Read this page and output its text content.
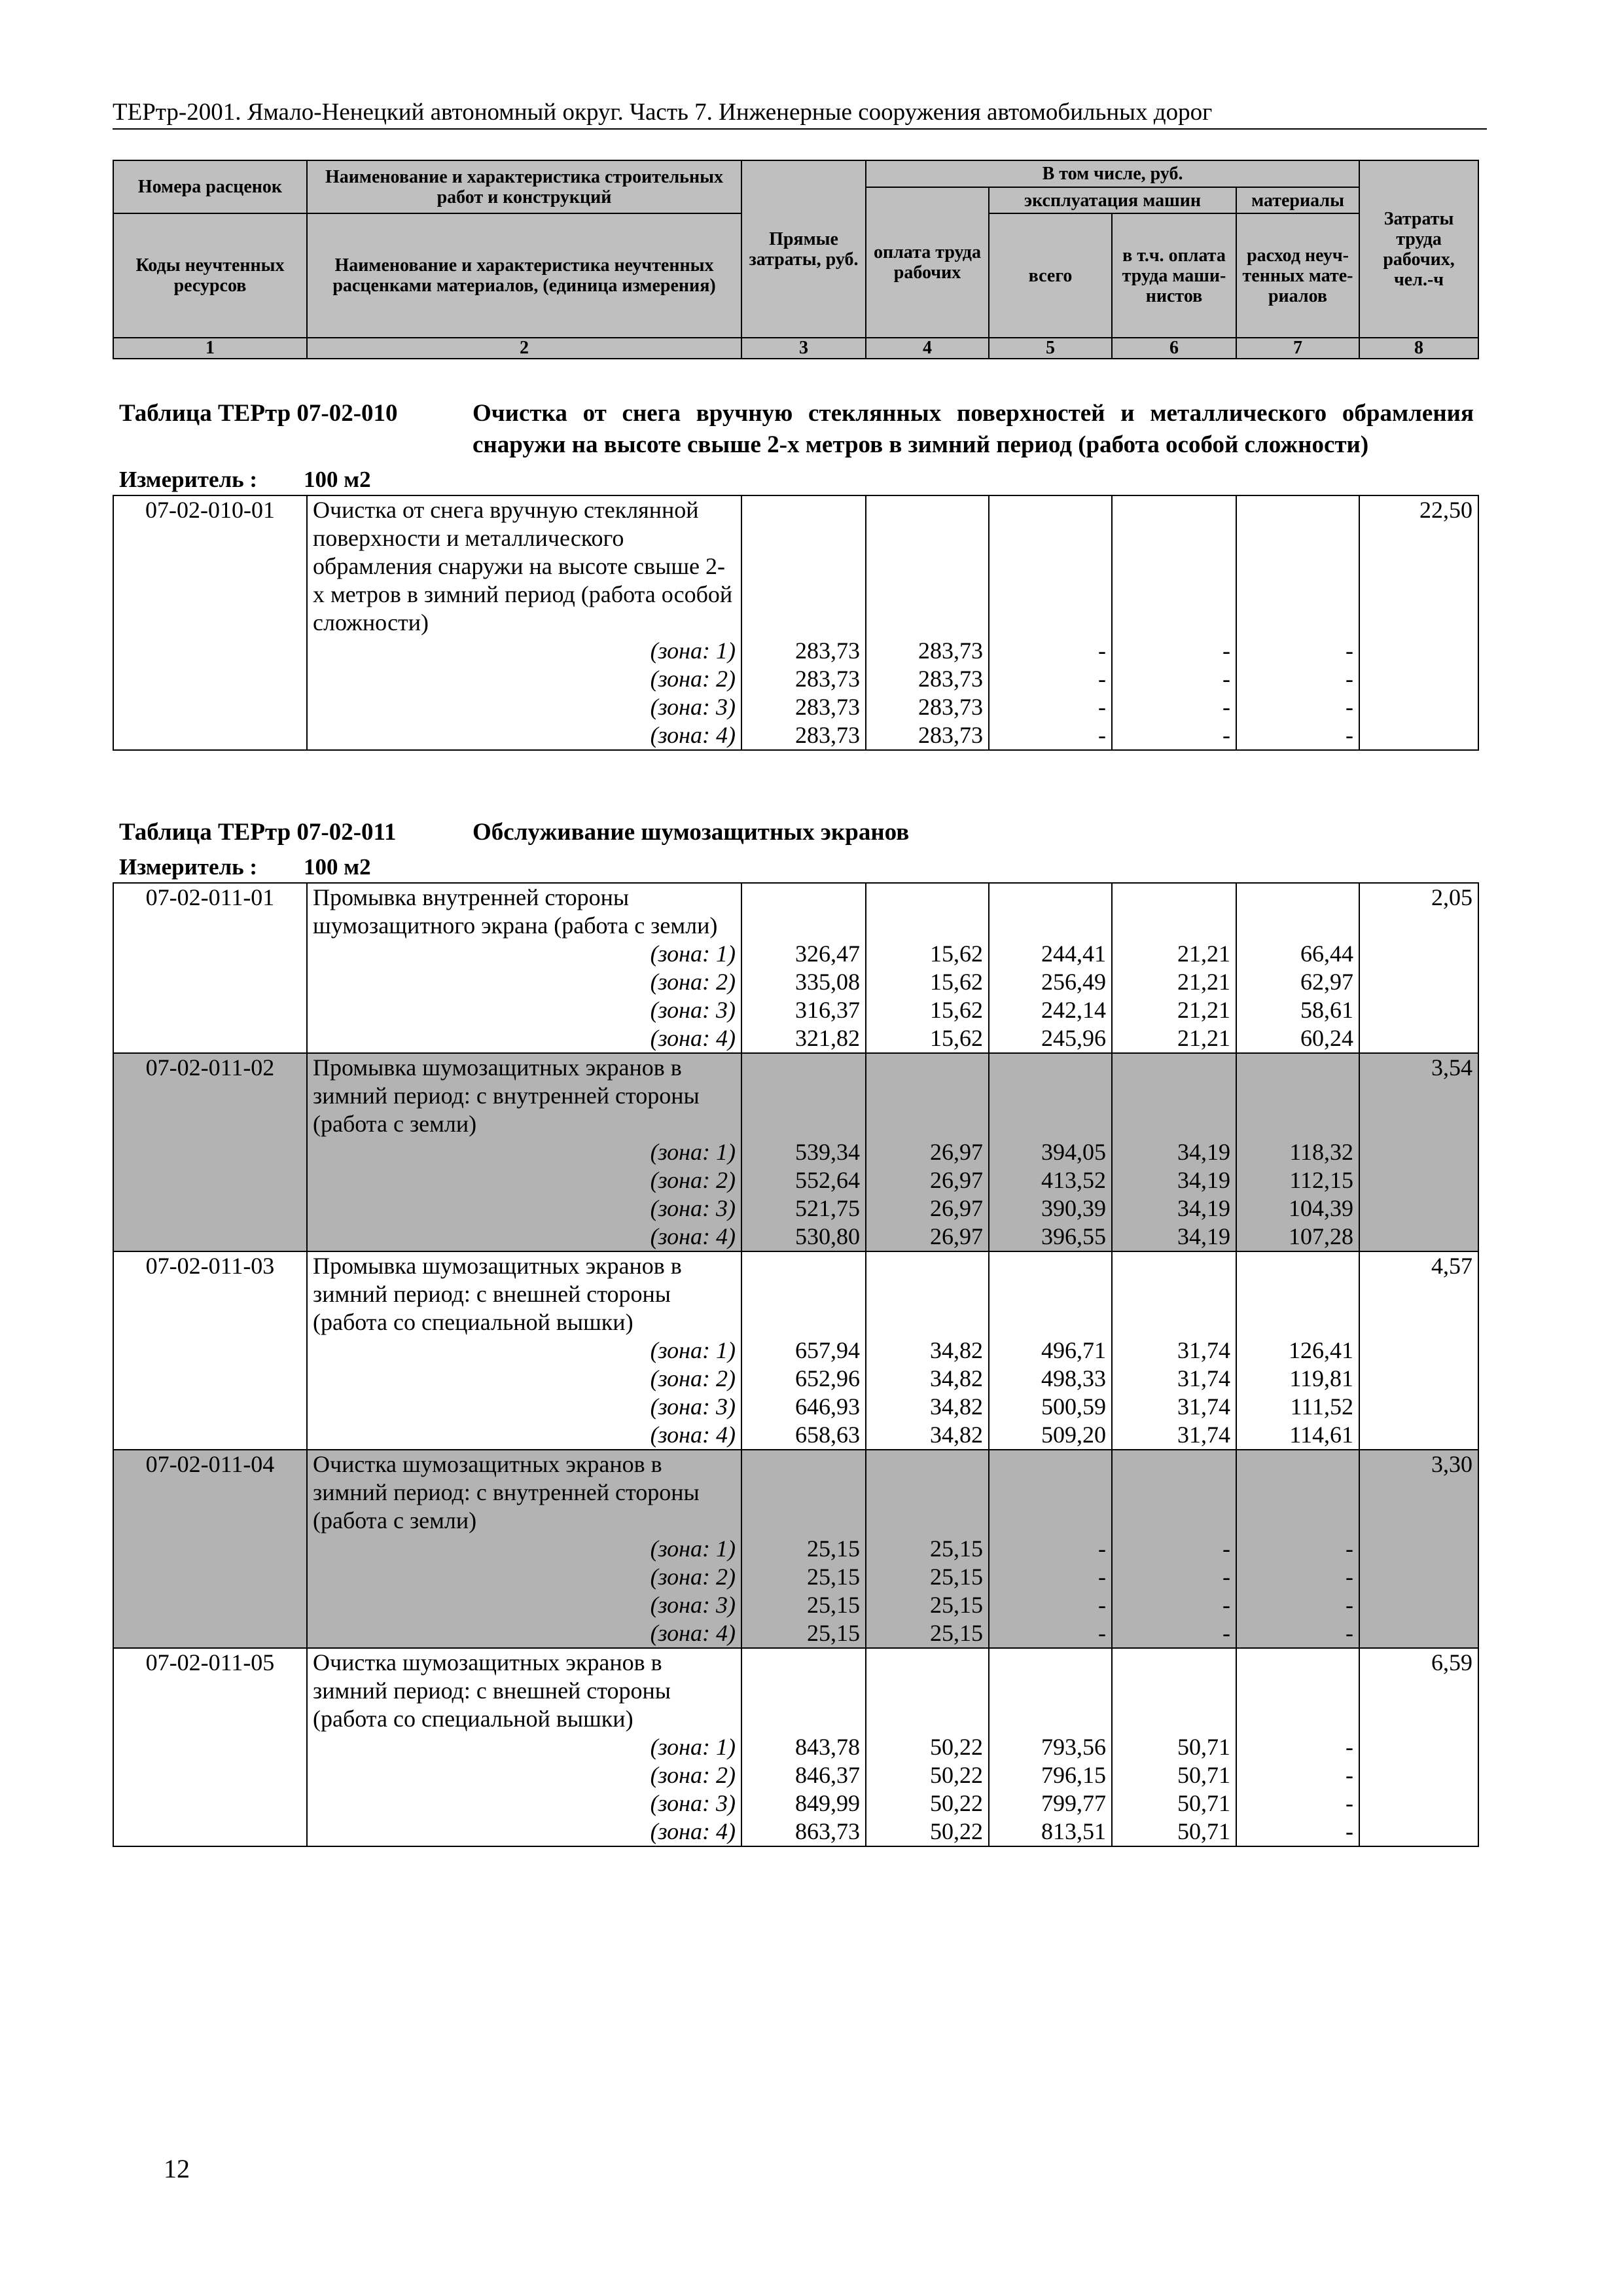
ТЕРтр-2001. Ямало-Ненецкий автономный округ. Часть 7. Инженерные сооружения автомобильных дорог
Номера расценок	Наименование и характеристика строительных работ и конструкций	Прямые затраты, руб.	В том числе, руб.				Затраты труда рабочих, чел.-ч
			оплата труда рабочих	эксплуатация машин		материалы	
Коды неучтенных ресурсов	Наименование и характеристика неучтенных расценками материалов, (единица измерения)			всего	в т.ч. оплата труда маши-нистов	расход неуч-тенных мате-риалов	

1	2	3	4	5	6	7	8
Таблица ТЕРтр 07-02-010	Очистка от снега вручную стеклянных поверхностей и металлического обрамления снаружи на высоте свыше 2-х метров в зимний период (работа особой сложности)
Измеритель : 100 м2
07-02-010-01	Очистка от снега вручную стеклянной поверхности и металлического обрамления снаружи на высоте свыше 2-х метров в зимний период (работа особой сложности)						22,50
	(зона: 1)	283,73	283,73	-	-	-	
	(зона: 2)	283,73	283,73	-	-	-	
	(зона: 3)	283,73	283,73	-	-	-	
	(зона: 4)	283,73	283,73	-	-	-	
Таблица ТЕРтр 07-02-011	Обслуживание шумозащитных экранов
Измеритель : 100 м2
07-02-011-01	Промывка внутренней стороны шумозащитного экрана (работа с земли)						2,05
	(зона: 1)	326,47	15,62	244,41	21,21	66,44	
	(зона: 2)	335,08	15,62	256,49	21,21	62,97	
	(зона: 3)	316,37	15,62	242,14	21,21	58,61	
	(зона: 4)	321,82	15,62	245,96	21,21	60,24	
07-02-011-02	Промывка шумозащитных экранов в зимний период: с внутренней стороны (работа с земли)						3,54
	(зона: 1)	539,34	26,97	394,05	34,19	118,32	
	(зона: 2)	552,64	26,97	413,52	34,19	112,15	
	(зона: 3)	521,75	26,97	390,39	34,19	104,39	
	(зона: 4)	530,80	26,97	396,55	34,19	107,28	
07-02-011-03	Промывка шумозащитных экранов в зимний период: с внешней стороны (работа со специальной вышки)						4,57
	(зона: 1)	657,94	34,82	496,71	31,74	126,41	
	(зона: 2)	652,96	34,82	498,33	31,74	119,81	
	(зона: 3)	646,93	34,82	500,59	31,74	111,52	
	(зона: 4)	658,63	34,82	509,20	31,74	114,61	
07-02-011-04	Очистка шумозащитных экранов в зимний период: с внутренней стороны (работа с земли)						3,30
	(зона: 1)	25,15	25,15	-	-	-	
	(зона: 2)	25,15	25,15	-	-	-	
	(зона: 3)	25,15	25,15	-	-	-	
	(зона: 4)	25,15	25,15	-	-	-	
07-02-011-05	Очистка шумозащитных экранов в зимний период: с внешней стороны (работа со специальной вышки)						6,59
	(зона: 1)	843,78	50,22	793,56	50,71	-	
	(зона: 2)	846,37	50,22	796,15	50,71	-	
	(зона: 3)	849,99	50,22	799,77	50,71	-	
	(зона: 4)	863,73	50,22	813,51	50,71	-	
12
